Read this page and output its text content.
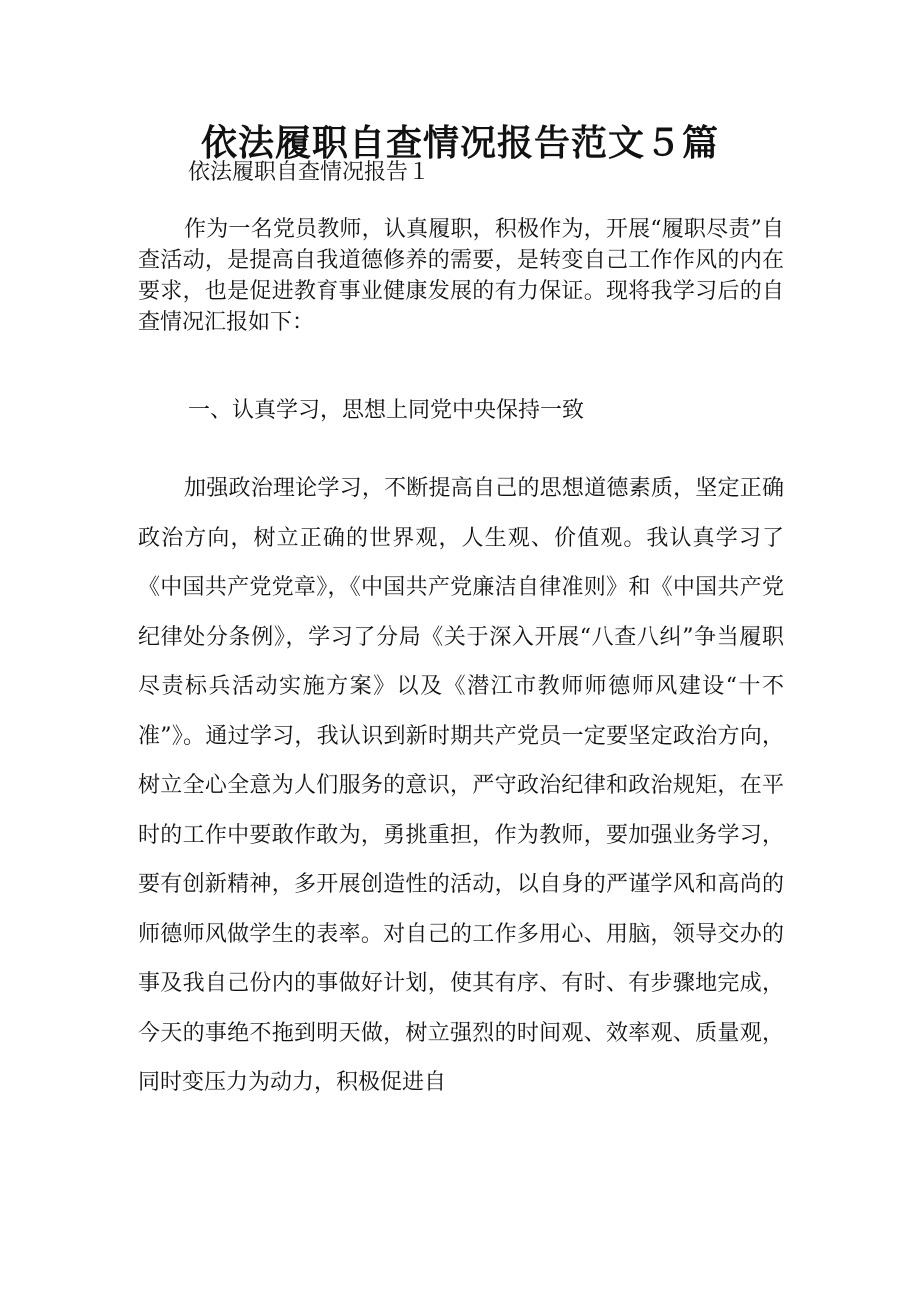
依法履职自查情况报告范文５篇
依法履职自查情况报告１
作为一名党员教师，认真履职，积极作为，开展“履职尽责”自查活动，是提高自我道德修养的需要，是转变自己工作作风的内在要求，也是促进教育事业健康发展的有力保证。现将我学习后的自查情况汇报如下：
一、认真学习，思想上同党中央保持一致
加强政治理论学习，不断提高自己的思想道德素质，坚定正确政治方向，树立正确的世界观，人生观、价值观。我认真学习了《中国共产党党章》，《中国共产党廉洁自律准则》和《中国共产党纪律处分条例》，学习了分局《关于深入开展“八查八纠”争当履职尽责标兵活动实施方案》以及《潜江市教师师德师风建设“十不准”》。通过学习，我认识到新时期共产党员一定要坚定政治方向，树立全心全意为人们服务的意识，严守政治纪律和政治规矩，在平时的工作中要敢作敢为，勇挑重担，作为教师，要加强业务学习，要有创新精神，多开展创造性的活动，以自身的严谨学风和高尚的师德师风做学生的表率。对自己的工作多用心、用脑，领导交办的事及我自己份内的事做好计划，使其有序、有时、有步骤地完成，今天的事绝不拖到明天做，树立强烈的时间观、效率观、质量观，同时变压力为动力，积极促进自
